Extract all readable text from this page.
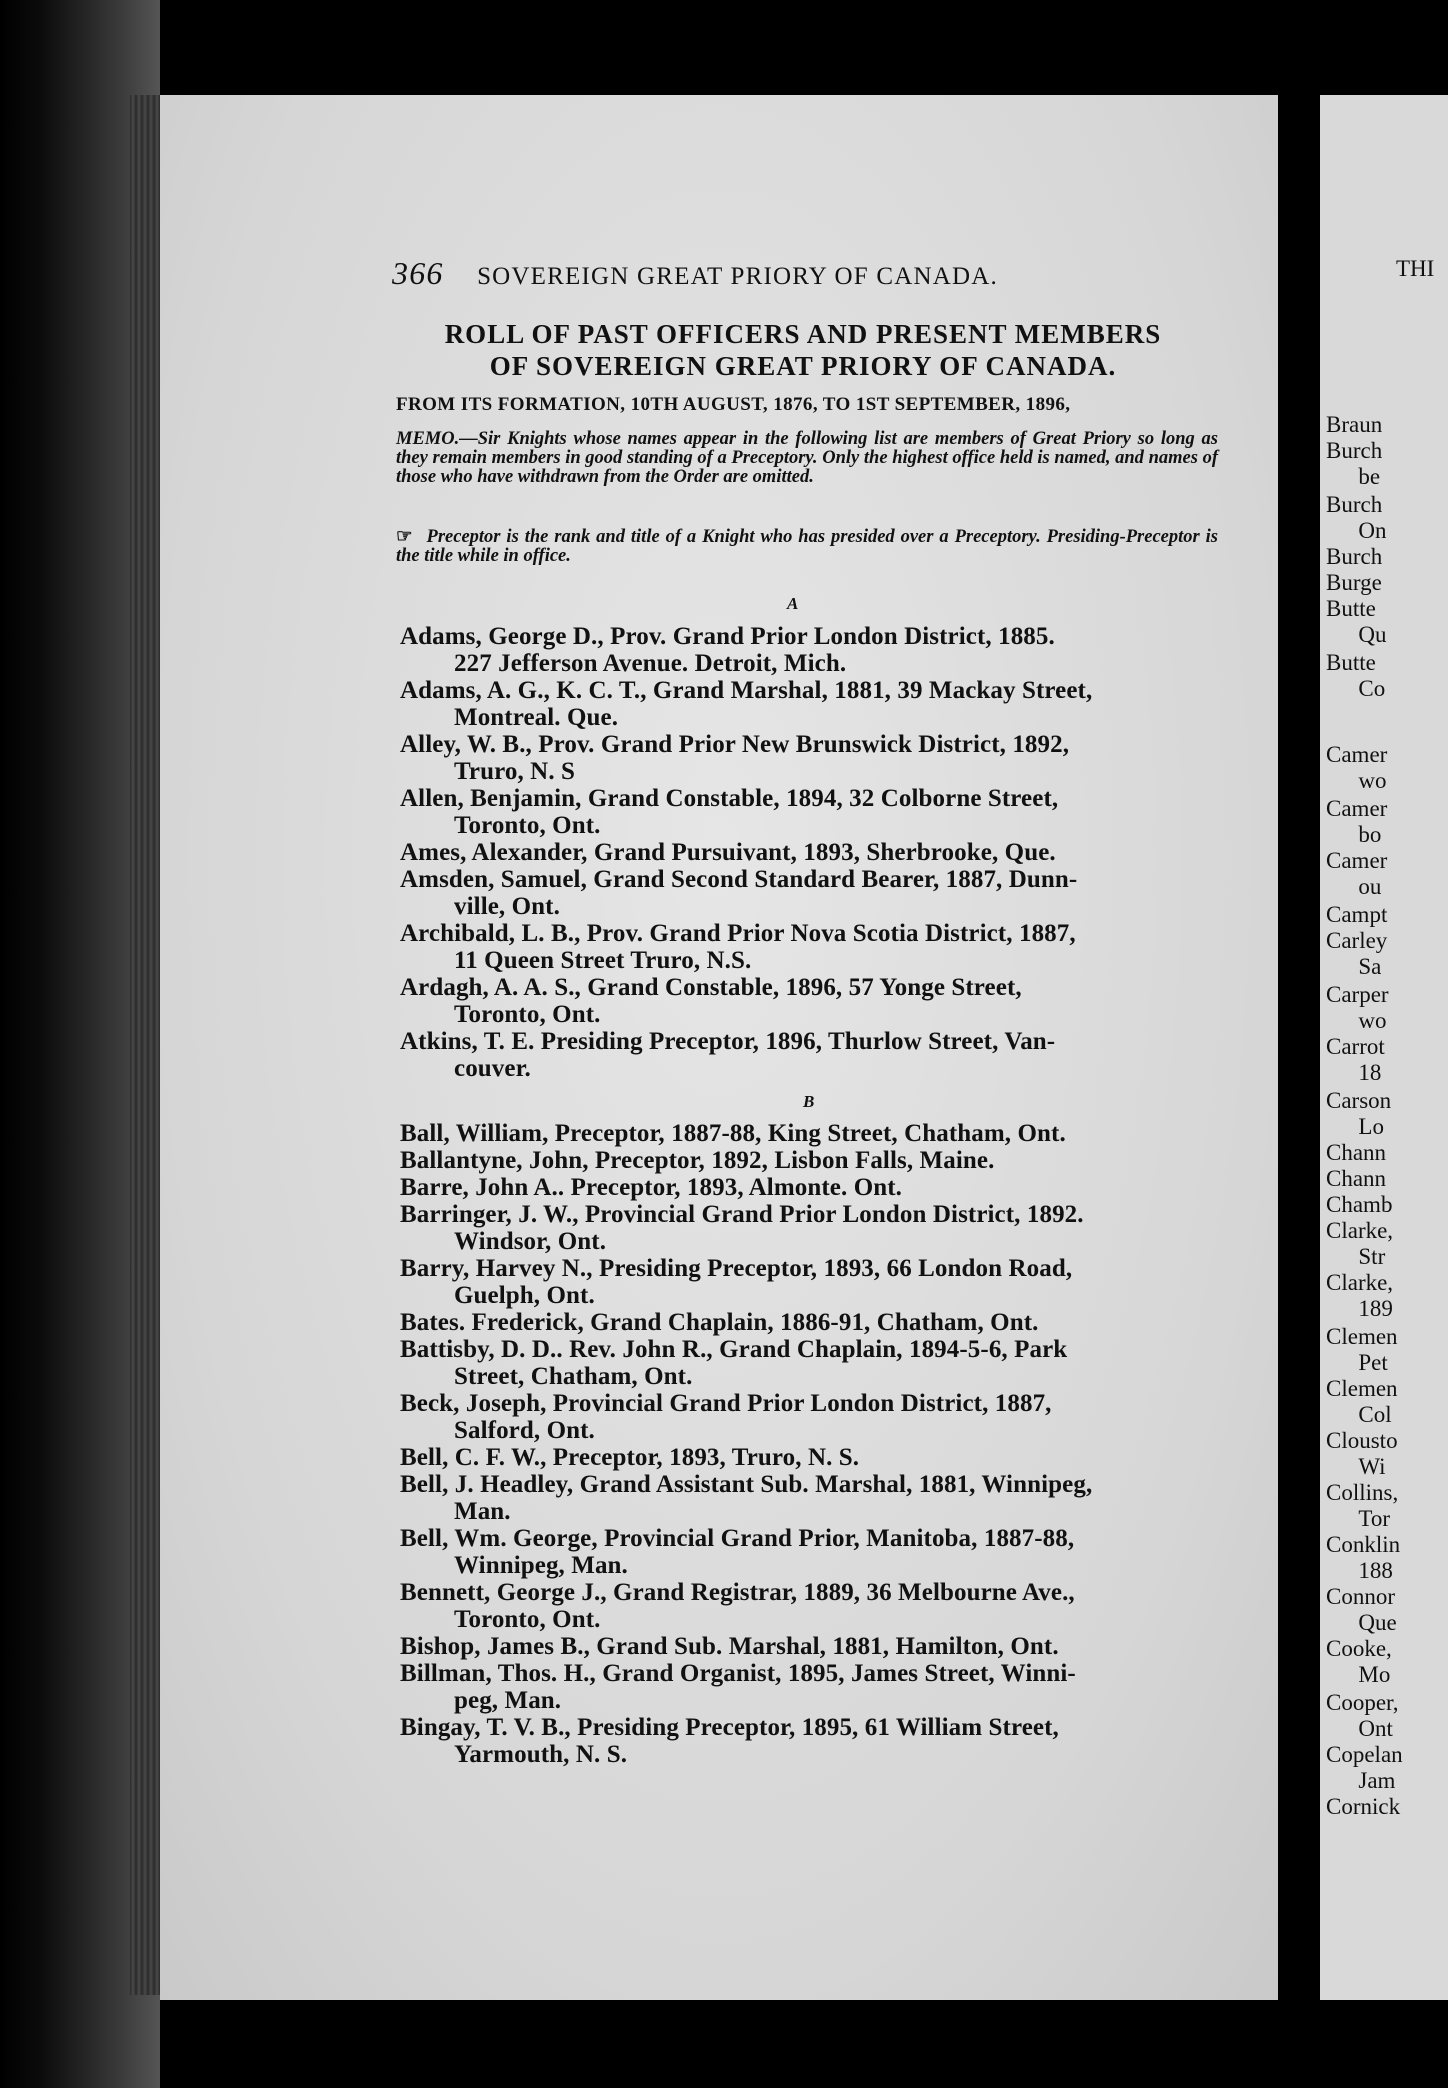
366 SOVEREIGN GREAT PRIORY OF CANADA.
ROLL OF PAST OFFICERS AND PRESENT MEMBERS
OF SOVEREIGN GREAT PRIORY OF CANADA.
FROM ITS FORMATION, 10TH AUGUST, 1876, TO 1ST SEPTEMBER, 1896,
MEMO.—Sir Knights whose names appear in the following list are members of Great Priory so long as they remain members in good standing of a Preceptory. Only the highest office held is named, and names of those who have withdrawn from the Order are omitted.
☞ Preceptor is the rank and title of a Knight who has presided over a Preceptory. Presiding-Preceptor is the title while in office.
A
Adams, George D., Prov. Grand Prior London District, 1885.
227 Jefferson Avenue. Detroit, Mich.
Adams, A. G., K. C. T., Grand Marshal, 1881, 39 Mackay Street,
Montreal. Que.
Alley, W. B., Prov. Grand Prior New Brunswick District, 1892,
Truro, N. S
Allen, Benjamin, Grand Constable, 1894, 32 Colborne Street,
Toronto, Ont.
Ames, Alexander, Grand Pursuivant, 1893, Sherbrooke, Que.
Amsden, Samuel, Grand Second Standard Bearer, 1887, Dunn-
ville, Ont.
Archibald, L. B., Prov. Grand Prior Nova Scotia District, 1887,
11 Queen Street Truro, N.S.
Ardagh, A. A. S., Grand Constable, 1896, 57 Yonge Street,
Toronto, Ont.
Atkins, T. E. Presiding Preceptor, 1896, Thurlow Street, Van-
couver.
B
Ball, William, Preceptor, 1887-88, King Street, Chatham, Ont.
Ballantyne, John, Preceptor, 1892, Lisbon Falls, Maine.
Barre, John A.. Preceptor, 1893, Almonte. Ont.
Barringer, J. W., Provincial Grand Prior London District, 1892.
Windsor, Ont.
Barry, Harvey N., Presiding Preceptor, 1893, 66 London Road,
Guelph, Ont.
Bates. Frederick, Grand Chaplain, 1886-91, Chatham, Ont.
Battisby, D. D.. Rev. John R., Grand Chaplain, 1894-5-6, Park
Street, Chatham, Ont.
Beck, Joseph, Provincial Grand Prior London District, 1887,
Salford, Ont.
Bell, C. F. W., Preceptor, 1893, Truro, N. S.
Bell, J. Headley, Grand Assistant Sub. Marshal, 1881, Winnipeg,
Man.
Bell, Wm. George, Provincial Grand Prior, Manitoba, 1887-88,
Winnipeg, Man.
Bennett, George J., Grand Registrar, 1889, 36 Melbourne Ave.,
Toronto, Ont.
Bishop, James B., Grand Sub. Marshal, 1881, Hamilton, Ont.
Billman, Thos. H., Grand Organist, 1895, James Street, Winni-
peg, Man.
Bingay, T. V. B., Presiding Preceptor, 1895, 61 William Street,
Yarmouth, N. S.
THI
Braun
Burch
be
Burch
On
Burch
Burge
Butte
Qu
Butte
Co
Camer
wo
Camer
bo
Camer
ou
Campt
Carley
Sa
Carper
wo
Carrot
18
Carson
Lo
Chann
Chann
Chamb
Clarke,
Str
Clarke,
189
Clemen
Pet
Clemen
Col
Clousto
Wi
Collins,
Tor
Conklin
188
Connor
Que
Cooke,
Mo
Cooper,
Ont
Copelan
Jam
Cornick
